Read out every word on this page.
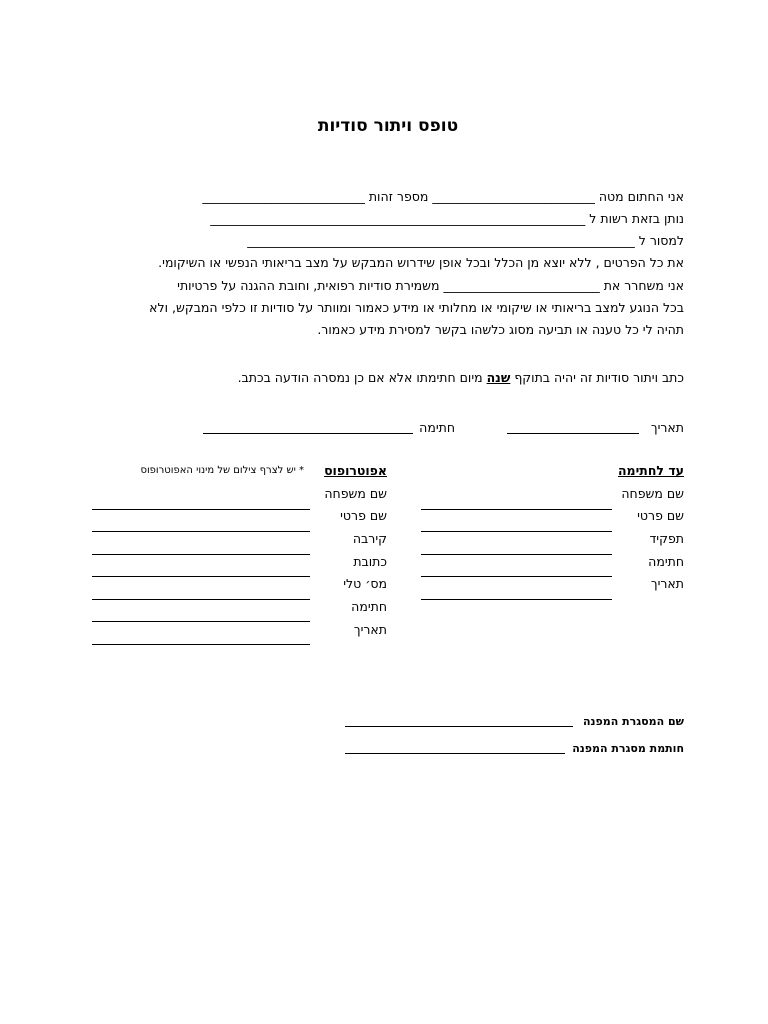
טופס ויתור סודיות
אני החתום מטה __________________________ מספר זהות __________________________
נותן בזאת רשות ל ____________________________________________________________
למסור ל ______________________________________________________________
את כל הפרטים , ללא יוצא מן הכלל ובכל אופן שידרוש המבקש על מצב בריאותי הנפשי או השיקומי.
אני משחרר את _________________________ משמירת סודיות רפואית, וחובת ההגנה על פרטיותי
בכל הנוגע למצב בריאותי או שיקומי או מחלותי או מידע כאמור ומוותר על סודיות זו כלפי המבקש, ולא
תהיה לי כל טענה או תביעה מסוג כלשהו בקשר למסירת מידע כאמור.
כתב ויתור סודיות זה יהיה בתוקף שנה מיום חתימתו אלא אם כן נמסרה הודעה בכתב.
תאריך
חתימה
עד לחתימה
שם משפחה
שם פרטי
תפקיד
חתימה
תאריך
אפוטרופוס
* יש לצרף צילום של מינוי האפוטרופוס
שם משפחה
שם פרטי
קירבה
כתובת
מס׳ טלי
חתימה
תאריך
שם המסגרת המפנה
חותמת מסגרת המפנה
